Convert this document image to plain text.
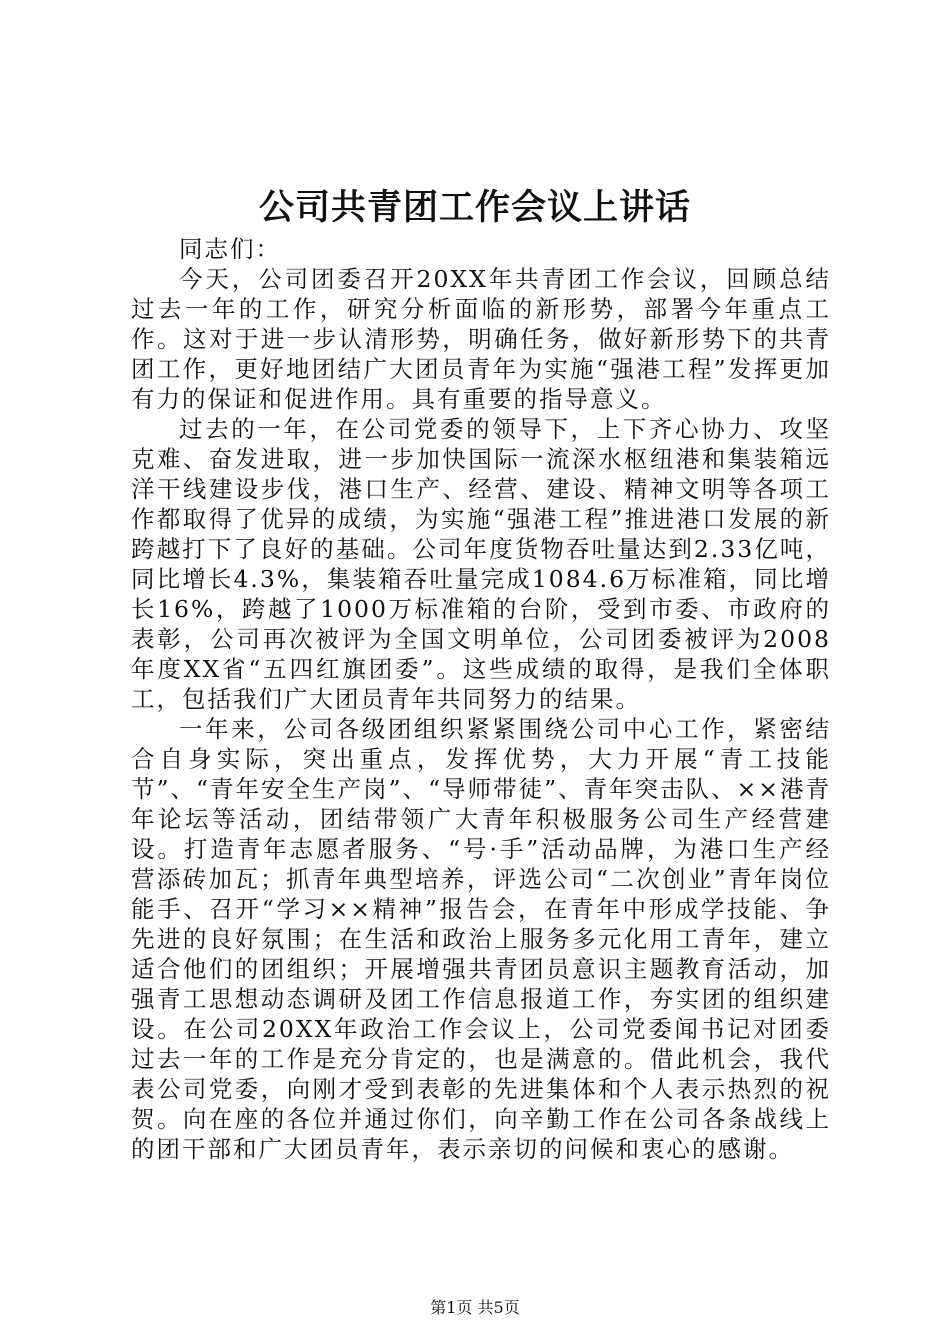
公司共青团工作会议上讲话

同志们：

今天，公司团委召开20XX年共青团工作会议，回顾总结过去一年的工作，研究分析面临的新形势，部署今年重点工作。这对于进一步认清形势，明确任务，做好新形势下的共青团工作，更好地团结广大团员青年为实施“强港工程”发挥更加有力的保证和促进作用。具有重要的指导意义。

过去的一年，在公司党委的领导下，上下齐心协力、攻坚克难、奋发进取，进一步加快国际一流深水枢纽港和集装箱远洋干线建设步伐，港口生产、经营、建设、精神文明等各项工作都取得了优异的成绩，为实施“强港工程”推进港口发展的新跨越打下了良好的基础。公司年度货物吞吐量达到2.33亿吨，同比增长4.3%，集装箱吞吐量完成1084.6万标准箱，同比增长16%，跨越了1000万标准箱的台阶，受到市委、市政府的表彰，公司再次被评为全国文明单位，公司团委被评为2008年度XX省“五四红旗团委”。这些成绩的取得，是我们全体职工，包括我们广大团员青年共同努力的结果。

一年来，公司各级团组织紧紧围绕公司中心工作，紧密结合自身实际，突出重点，发挥优势，大力开展“青工技能节”、“青年安全生产岗”、“导师带徒”、青年突击队、××港青年论坛等活动，团结带领广大青年积极服务公司生产经营建设。打造青年志愿者服务、“号·手”活动品牌，为港口生产经营添砖加瓦；抓青年典型培养，评选公司“二次创业”青年岗位能手、召开“学习××精神”报告会，在青年中形成学技能、争先进的良好氛围；在生活和政治上服务多元化用工青年，建立适合他们的团组织；开展增强共青团员意识主题教育活动，加强青工思想动态调研及团工作信息报道工作，夯实团的组织建设。在公司20XX年政治工作会议上，公司党委闻书记对团委过去一年的工作是充分肯定的，也是满意的。借此机会，我代表公司党委，向刚才受到表彰的先进集体和个人表示热烈的祝贺。向在座的各位并通过你们，向辛勤工作在公司各条战线上的团干部和广大团员青年，表示亲切的问候和衷心的感谢。

第1页 共5页
